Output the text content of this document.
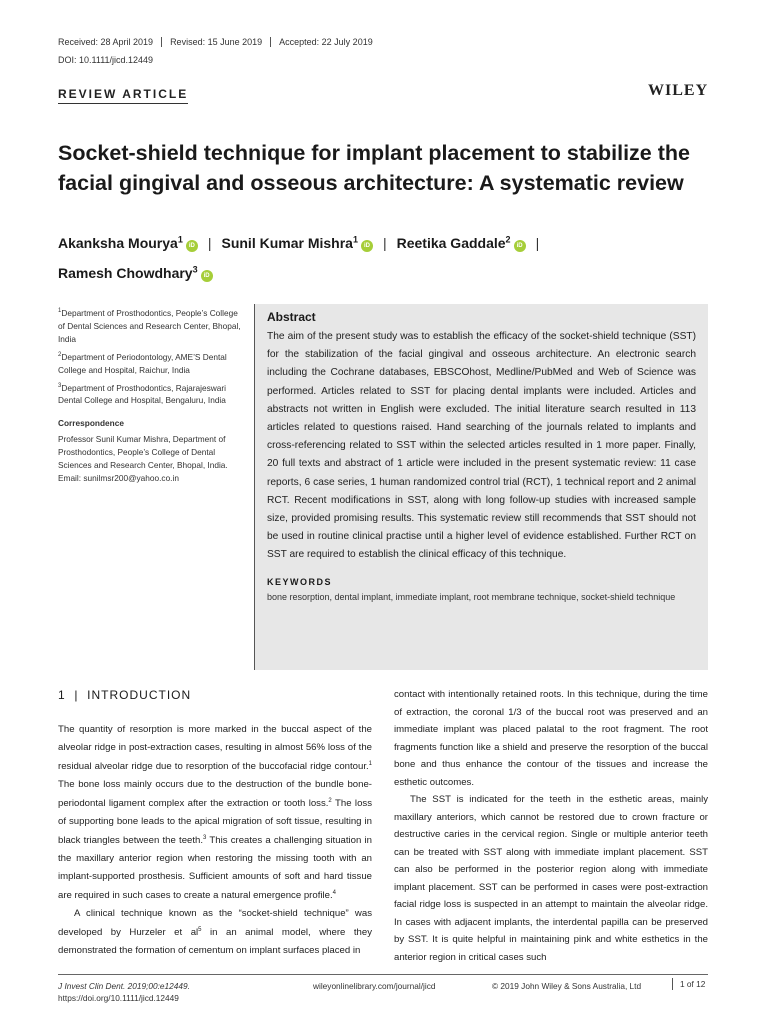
Received: 28 April 2019	Revised: 15 June 2019	Accepted: 22 July 2019
DOI: 10.1111/jicd.12449
REVIEW ARTICLE	WILEY
Socket-shield technique for implant placement to stabilize the facial gingival and osseous architecture: A systematic review
Akanksha Mourya$^1$iD | Sunil Kumar Mishra$^1$iD | Reetika Gaddale$^2$iD |
Ramesh Chowdhary$^3$iD

$^1$Department of Prosthodontics, People’s College of Dental Sciences and Research Center, Bhopal, India

$^2$Department of Periodontology, AME’S Dental College and Hospital, Raichur, India

$^3$Department of Prosthodontics, Rajarajeswari Dental College and Hospital, Bengaluru, India

Correspondence

Professor Sunil Kumar Mishra, Department of Prosthodontics, People’s College of Dental Sciences and Research Center, Bhopal, India.
Email: sunilmsr200@yahoo.co.in

Abstract

The aim of the present study was to establish the efficacy of the socket-shield technique (SST) for the stabilization of the facial gingival and osseous architecture. An electronic search including the Cochrane databases, EBSCOhost, Medline/PubMed and Web of Science was performed. Articles related to SST for placing dental implants were included. Articles and abstracts not written in English were excluded. The initial literature search resulted in 113 articles related to questions raised. Hand searching of the journals related to implants and cross-referencing related to SST within the selected articles resulted in 1 more paper. Finally, 20 full texts and abstract of 1 article were included in the present systematic review: 11 case reports, 6 case series, 1 human randomized control trial (RCT), 1 technical report and 2 animal RCT. Recent modifications in SST, along with long follow-up studies with increased sample size, provided promising results. This systematic review still recommends that SST should not be used in routine clinical practise until a higher level of evidence established. Further RCT on SST are required to establish the clinical efficacy of this technique.

KEYWORDS

bone resorption, dental implant, immediate implant, root membrane technique, socket-shield technique

1 | INTRODUCTION

The quantity of resorption is more marked in the buccal aspect of the alveolar ridge in post-extraction cases, resulting in almost 56% loss of the residual alveolar ridge due to resorption of the buccofacial ridge contour.$^1$ The bone loss mainly occurs due to the destruction of the bundle bone-periodontal ligament complex after the extraction or tooth loss.$^2$ The loss of supporting bone leads to the apical migration of soft tissue, resulting in black triangles between the teeth.$^3$ This creates a challenging situation in the maxillary anterior region when restoring the missing tooth with an implant-supported prosthesis. Sufficient amounts of soft and hard tissue are required in such cases to create a natural emergence profile.$^4$

A clinical technique known as the “socket-shield technique” was developed by Hurzeler et $al^5$ in an animal model, where they demonstrated the formation of cementum on implant surfaces placed in

contact with intentionally retained roots. In this technique, during the time of extraction, the coronal 1/3 of the buccal root was preserved and an immediate implant was placed palatal to the root fragment. The root fragments function like a shield and preserve the resorption of the buccal bone and thus enhance the contour of the tissues and increase the esthetic outcomes.

The SST is indicated for the teeth in the esthetic areas, mainly maxillary anteriors, which cannot be restored due to crown fracture or destructive caries in the cervical region. Single or multiple anterior teeth can be treated with SST along with immediate implant placement. SST can also be performed in the posterior region along with immediate implant placement. SST can be performed in cases were post-extraction facial ridge loss is suspected in an attempt to maintain the alveolar ridge. In cases with adjacent implants, the interdental papilla can be preserved by SST. It is quite helpful in maintaining pink and white esthetics in the anterior region in critical cases such

J Invest Clin Dent. 2019;00:e12449.
https://doi.org/10.1111/jicd.12449
wileyonlinelibrary.com/journal/jicd	© 2019 John Wiley & Sons Australia, Ltd	1 of 12
